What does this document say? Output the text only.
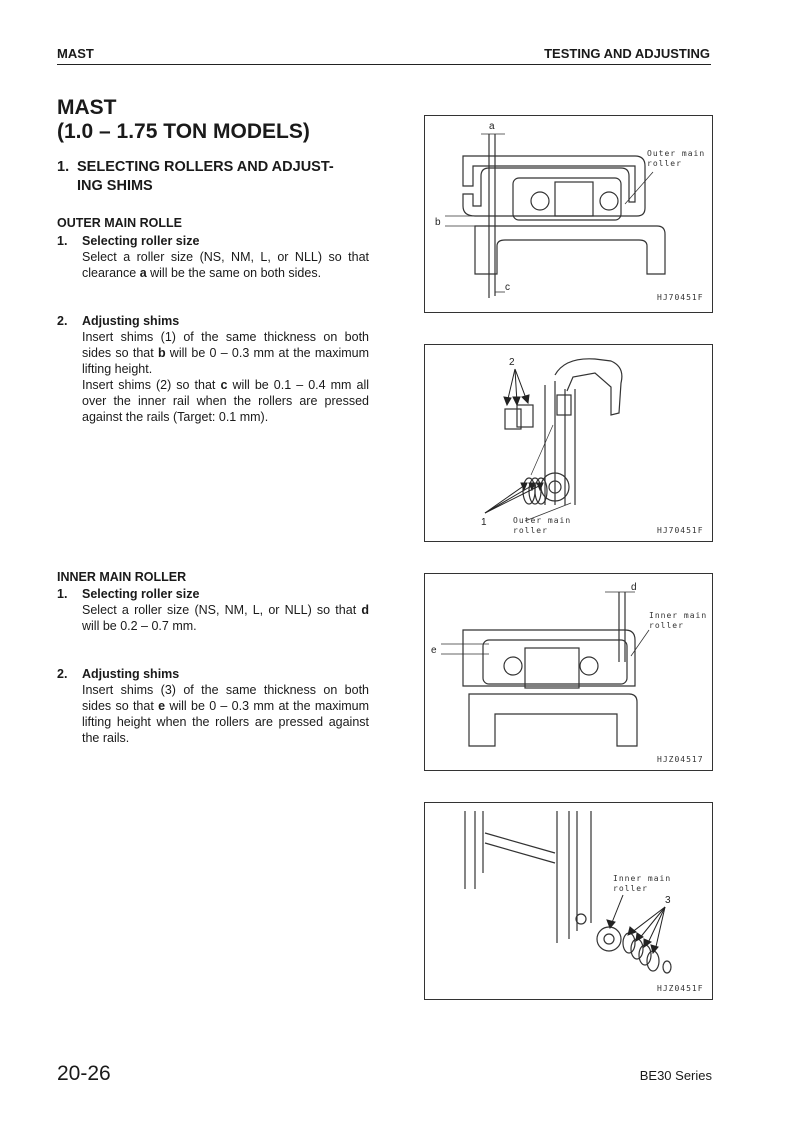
MAST	TESTING AND ADJUSTING
MAST
(1.0 – 1.75 TON MODELS)
1. SELECTING ROLLERS AND ADJUST-
ING SHIMS
OUTER MAIN ROLLE
1. Selecting roller size
Select a roller size (NS, NM, L, or NLL) so that clearance a will be the same on both sides.
2. Adjusting shims
Insert shims (1) of the same thickness on both sides so that b will be 0 – 0.3 mm at the maximum lifting height.
Insert shims (2) so that c will be 0.1 – 0.4 mm all over the inner rail when the rollers are pressed against the rails (Target: 0.1 mm).
INNER MAIN ROLLER
1. Selecting roller size
Select a roller size (NS, NM, L, or NLL) so that d will be 0.2 – 0.7 mm.
2. Adjusting shims
Insert shims (3) of the same thickness on both sides so that e will be 0 – 0.3 mm at the maximum lifting height when the rollers are pressed against the rails.
a
b
c
Outer main
roller
HJ70451F
2
1	Outer main
roller	HJ70451F
d
e
Inner main
roller
HJZ04517
3
Inner main
roller
HJZ0451F
20-26	BE30 Series
